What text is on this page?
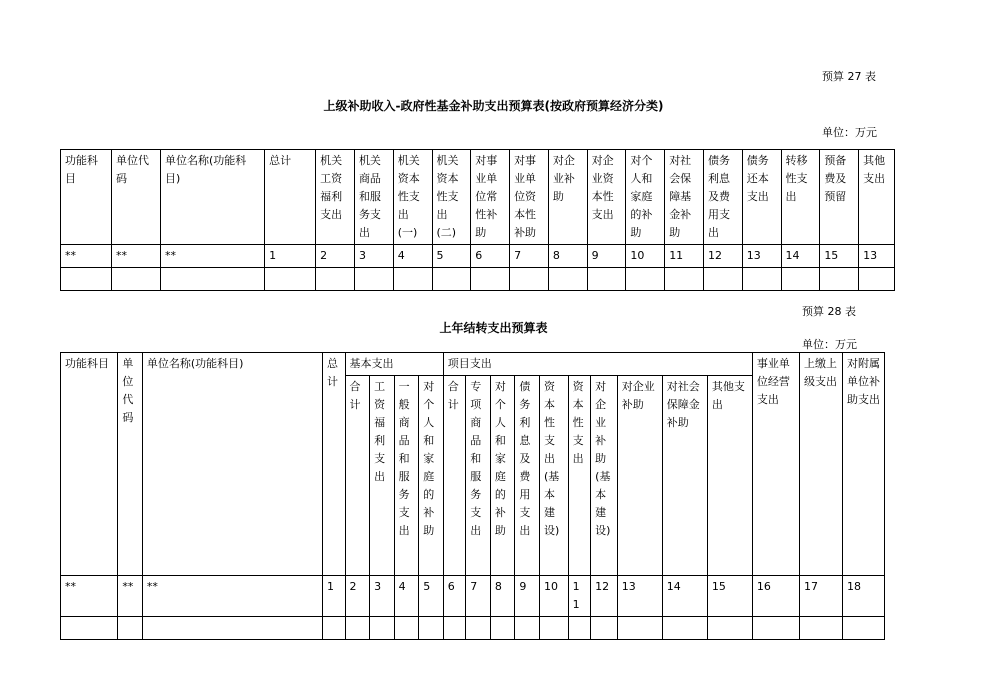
预算 27 表
上级补助收入-政府性基金补助支出预算表(按政府预算经济分类)
单位：万元
功能科目	单位代码	单位名称(功能科目)	总计	机关工资福利支出	机关商品和服务支出	机关资本性支出(一)	机关资本性支出(二)	对事业单位常性补助	对事业单位资本性补助	对企业补助	对企业资本性支出	对个人和家庭的补助	对社会保障基金补助	债务利息及费用支出	债务还本支出	转移性支出	预备费及预留	其他支出
**	**	**	1	2	3	4	5	6	7	8	9	10	11	12	13	14	15	13

预算 28 表
上年结转支出预算表
单位：万元
功能科目	单位代码	单位名称(功能科目)	总计	基本支出				项目支出										事业单位经营支出	上缴上级支出	对附属单位补助支出
				合计	工资福利支出	一般商品和服务支出	对个人和家庭的补助	合计	专项商品和服务支出	对个人和家庭的补助	债务利息及费用支出	资本性支出(基本建设)	资本性支出	对企业补助(基本建设)	对企业补助	对社会保障金补助	其他支出			
**	**	**	1	2	3	4	5	6	7	8	9	10	11	12	13	14	15	16	17	18
